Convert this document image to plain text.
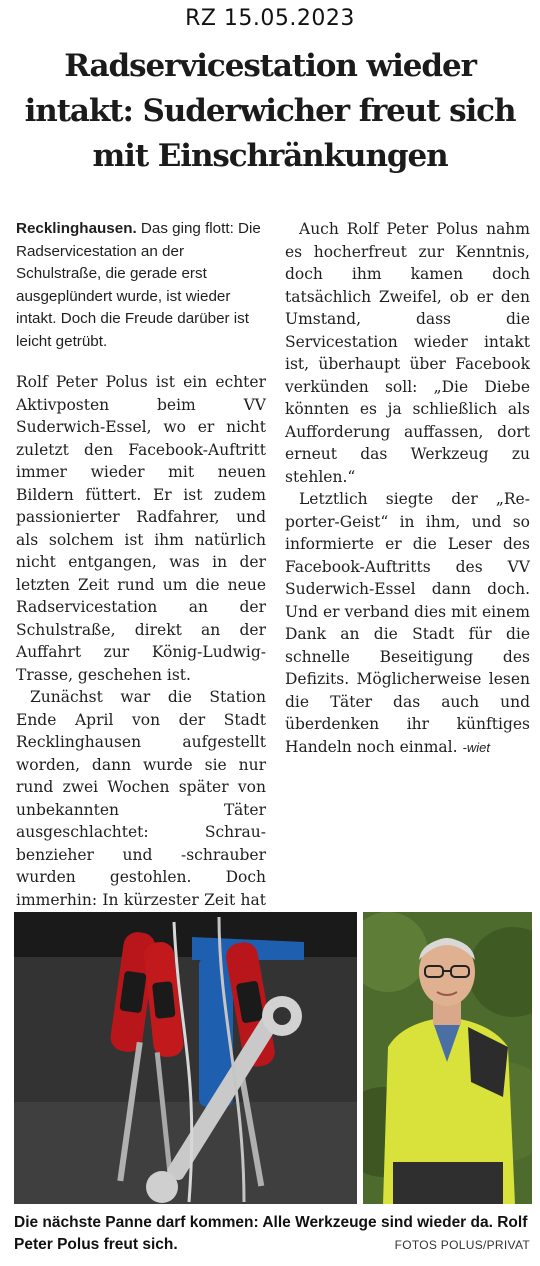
RZ 15.05.2023
Radservicestation wieder
intakt: Suderwicher freut sich
mit Einschränkungen

Recklinghausen. Das ging flott: Die Radservicestation an der Schulstraße, die gerade erst ausgeplündert wurde, ist wieder intakt. Doch die Freude darüber ist leicht getrübt.

Rolf Peter Polus ist ein echter Aktivposten beim VV Suderwich-Essel, wo er nicht zuletzt den Facebook-Auftritt immer wieder mit neuen Bildern füttert. Er ist zudem passionierter Radfahrer, und als solchem ist ihm natürlich nicht entgangen, was in der letzten Zeit rund um die neue Radservicestation an der Schulstraße, direkt an der Auffahrt zur König-Ludwig-Trasse, geschehen ist.

Zunächst war die Station Ende April von der Stadt Recklinghausen aufgestellt worden, dann wurde sie nur rund zwei Wochen später von unbekannten Täter ausgeschlachtet: Schraubenzieher und -schrauber wurden gestohlen. Doch immerhin: In kürzester Zeit hat

Auch Rolf Peter Polus nahm es hocherfreut zur Kenntnis, doch ihm kamen doch tatsächlich Zweifel, ob er den Umstand, dass die Servicestation wieder intakt ist, überhaupt über Facebook verkünden soll: „Die Diebe könnten es ja schließlich als Aufforderung auffassen, dort erneut das Werkzeug zu stehlen.“

Letztlich siegte der „Reporter-Geist“ in ihm, und so informierte er die Leser des Facebook-Auftritts des VV Suderwich-Essel dann doch. Und er verband dies mit einem Dank an die Stadt für die schnelle Beseitigung des Defizits. Möglicherweise lesen die Täter das auch und überdenken ihr künftiges Handeln noch einmal. -wiet

Die nächste Panne darf kommen: Alle Werkzeuge sind wieder da. Rolf Peter Polus freut sich.	FOTOS POLUS/PRIVAT
